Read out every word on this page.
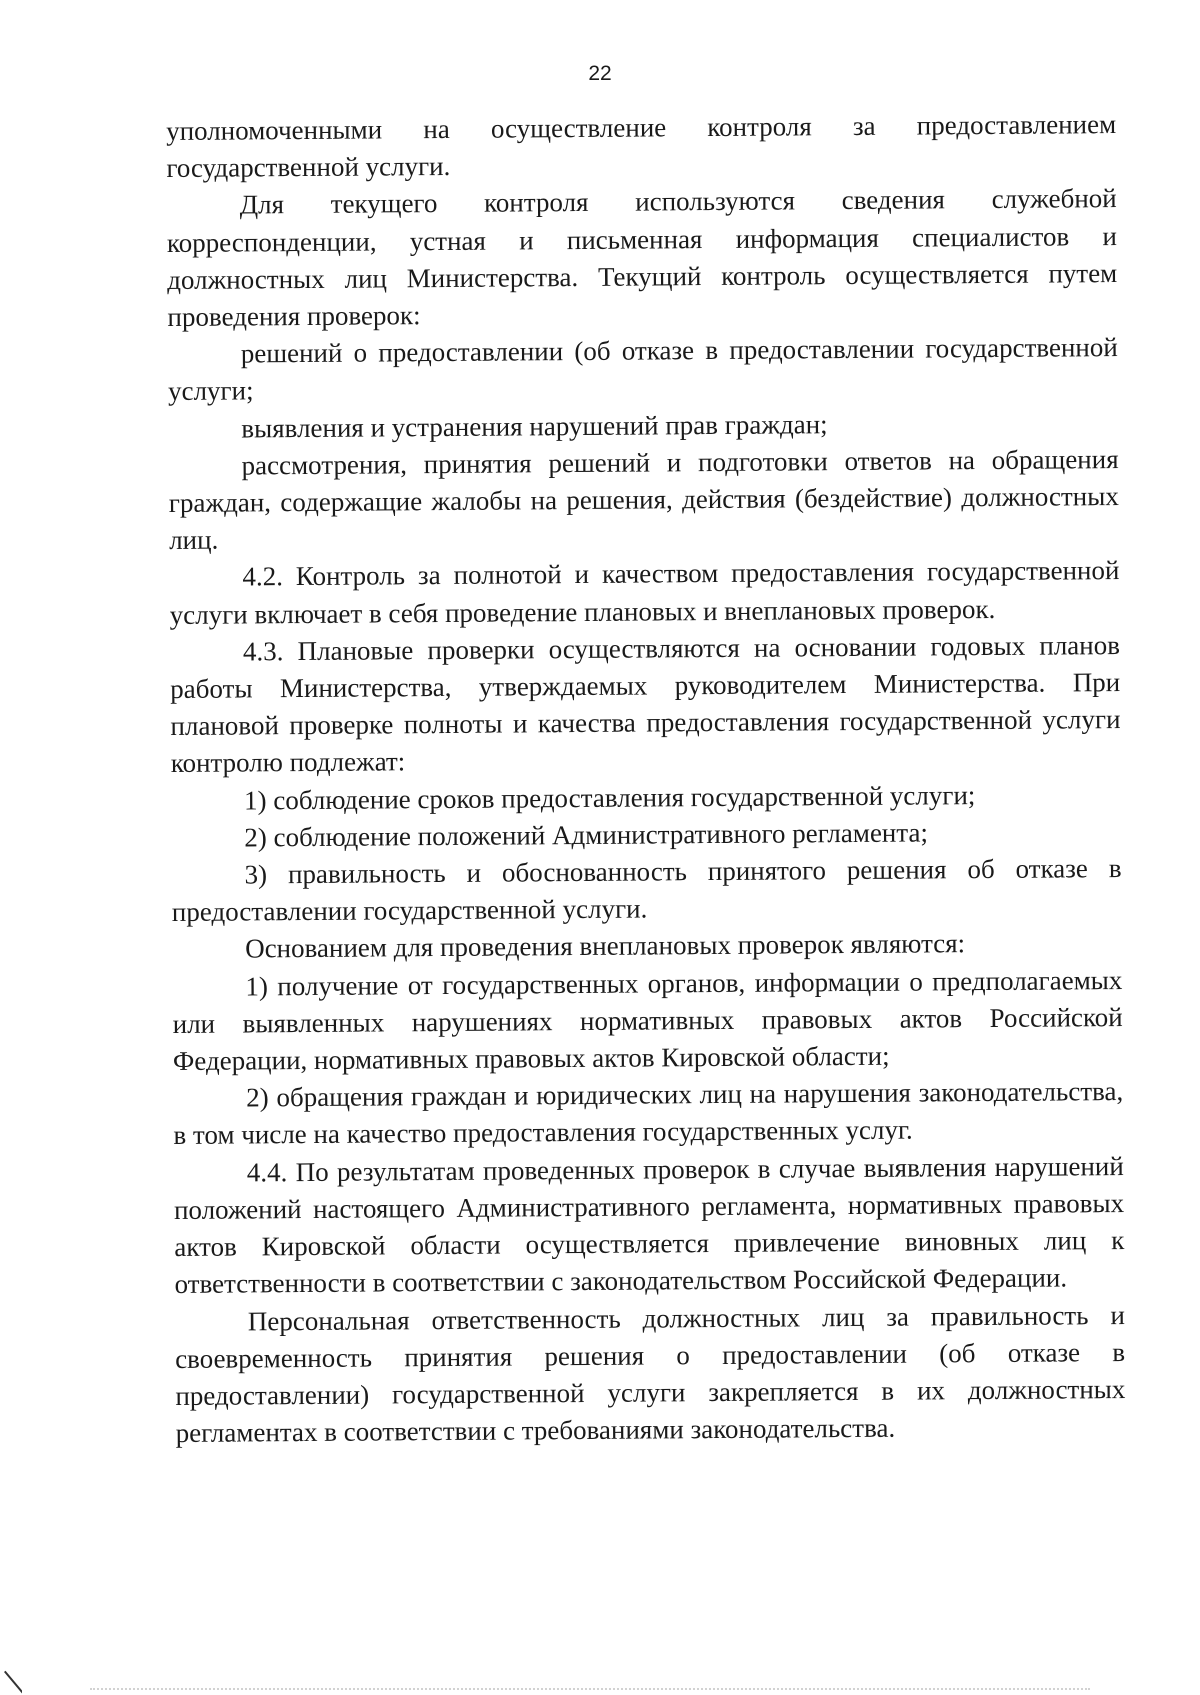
22

уполномоченными на осуществление контроля за предоставлением государственной услуги.

Для текущего контроля используются сведения служебной корреспонденции, устная и письменная информация специалистов и должностных лиц Министерства. Текущий контроль осуществляется путем проведения проверок:

решений о предоставлении (об отказе в предоставлении государственной услуги;

выявления и устранения нарушений прав граждан;

рассмотрения, принятия решений и подготовки ответов на обращения граждан, содержащие жалобы на решения, действия (бездействие) должностных лиц.

4.2. Контроль за полнотой и качеством предоставления государственной услуги включает в себя проведение плановых и внеплановых проверок.

4.3. Плановые проверки осуществляются на основании годовых планов работы Министерства, утверждаемых руководителем Министерства. При плановой проверке полноты и качества предоставления государственной услуги контролю подлежат:

1) соблюдение сроков предоставления государственной услуги;

2) соблюдение положений Административного регламента;

3) правильность и обоснованность принятого решения об отказе в предоставлении государственной услуги.

Основанием для проведения внеплановых проверок являются:

1) получение от государственных органов, информации о предполагаемых или выявленных нарушениях нормативных правовых актов Российской Федерации, нормативных правовых актов Кировской области;

2) обращения граждан и юридических лиц на нарушения законодательства, в том числе на качество предоставления государственных услуг.

4.4. По результатам проведенных проверок в случае выявления нарушений положений настоящего Административного регламента, нормативных правовых актов Кировской области осуществляется привлечение виновных лиц к ответственности в соответствии с законодательством Российской Федерации.

Персональная ответственность должностных лиц за правильность и своевременность принятия решения о предоставлении (об отказе в предоставлении) государственной услуги закрепляется в их должностных регламентах в соответствии с требованиями законодательства.
